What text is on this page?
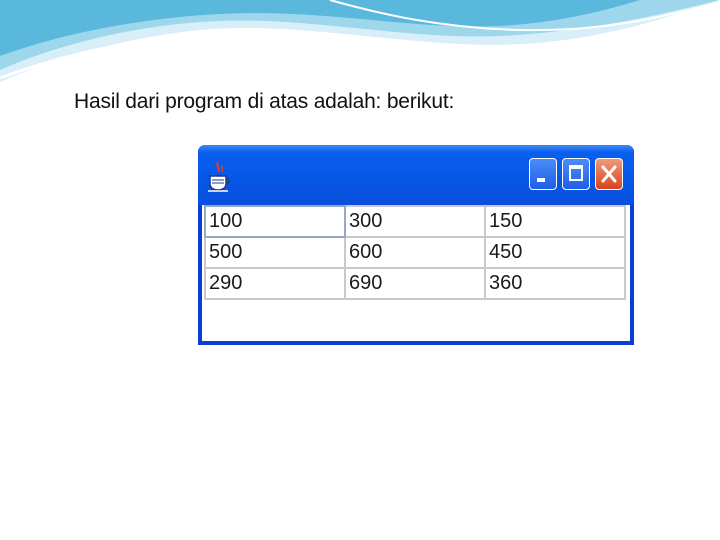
Hasil dari program di atas adalah: berikut:
100	300	150
500	600	450
290	690	360
